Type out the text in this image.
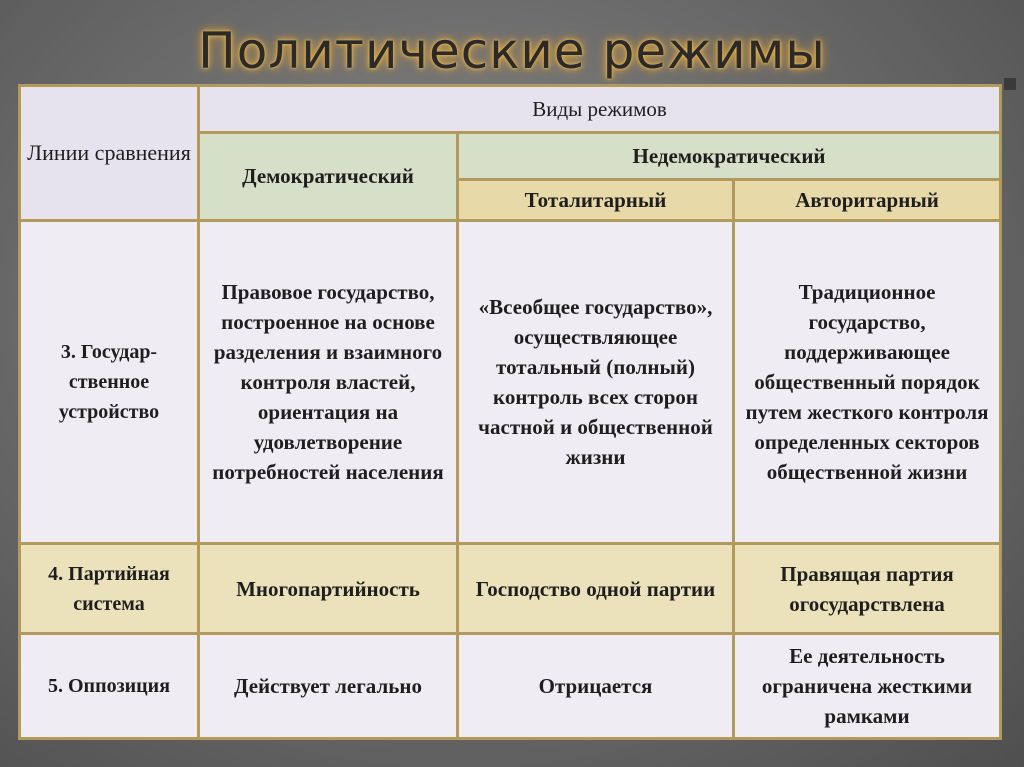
Политические режимы
Линии сравнения	Виды режимов		
	Демократический	Недемократический	
		Тоталитарный	Авторитарный
3. Государ-ственное устройство	Правовое государство, построенное на основе разделения и взаимного контроля властей, ориентация на удовлетворение потребностей населения	«Всеобщее государство», осуществляющее тотальный (полный) контроль всех сторон частной и общественной жизни	Традиционное государство, поддерживающее общественный порядок путем жесткого контроля определенных секторов общественной жизни
4. Партийная система	Многопартийность	Господство одной партии	Правящая партия огосударствлена
5. Оппозиция	Действует легально	Отрицается	Ее деятельность ограничена жесткими рамками
